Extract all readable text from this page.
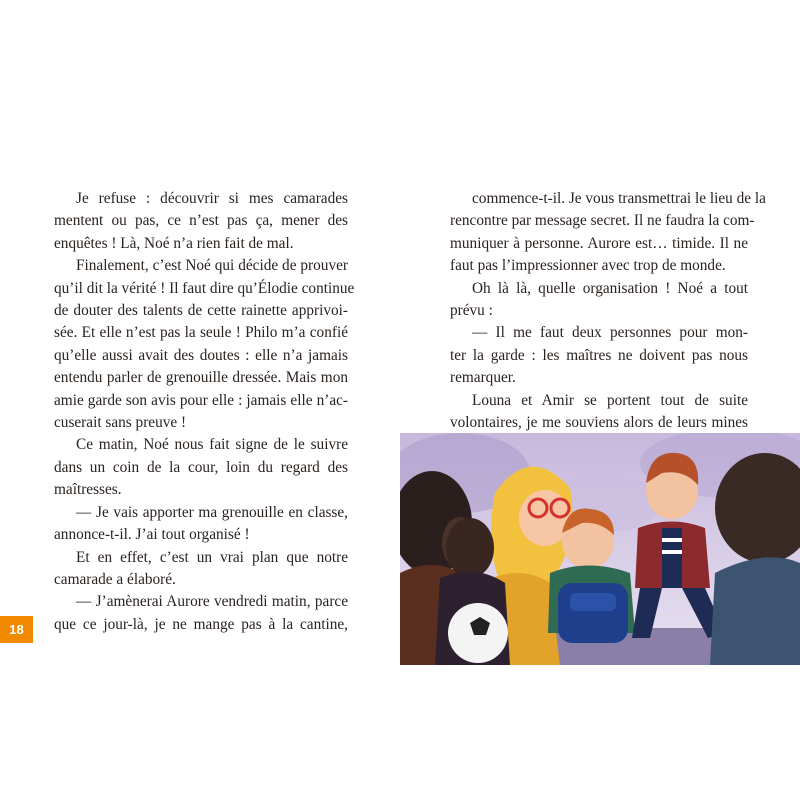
Je refuse : découvrir si mes camarades
mentent ou pas, ce n’est pas ça, mener des
enquêtes ! Là, Noé n’a rien fait de mal.
Finalement, c’est Noé qui décide de prouver
qu’il dit la vérité ! Il faut dire qu’Élodie continue
de douter des talents de cette rainette apprivoi-
sée. Et elle n’est pas la seule ! Philo m’a confié
qu’elle aussi avait des doutes : elle n’a jamais
entendu parler de grenouille dressée. Mais mon
amie garde son avis pour elle : jamais elle n’ac-
cuserait sans preuve !
Ce matin, Noé nous fait signe de le suivre
dans un coin de la cour, loin du regard des
maîtresses.
— Je vais apporter ma grenouille en classe,
annonce-t-il. J’ai tout organisé !
Et en effet, c’est un vrai plan que notre
camarade a élaboré.
— J’amènerai Aurore vendredi matin, parce
que ce jour-là, je ne mange pas à la cantine,
commence-t-il. Je vous transmettrai le lieu de la
rencontre par message secret. Il ne faudra la com-
muniquer à personne. Aurore est… timide. Il ne
faut pas l’impressionner avec trop de monde.
Oh là là, quelle organisation ! Noé a tout
prévu :
— Il me faut deux personnes pour mon-
ter la garde : les maîtres ne doivent pas nous
remarquer.
Louna et Amir se portent tout de suite
volontaires, je me souviens alors de leurs mines
18
